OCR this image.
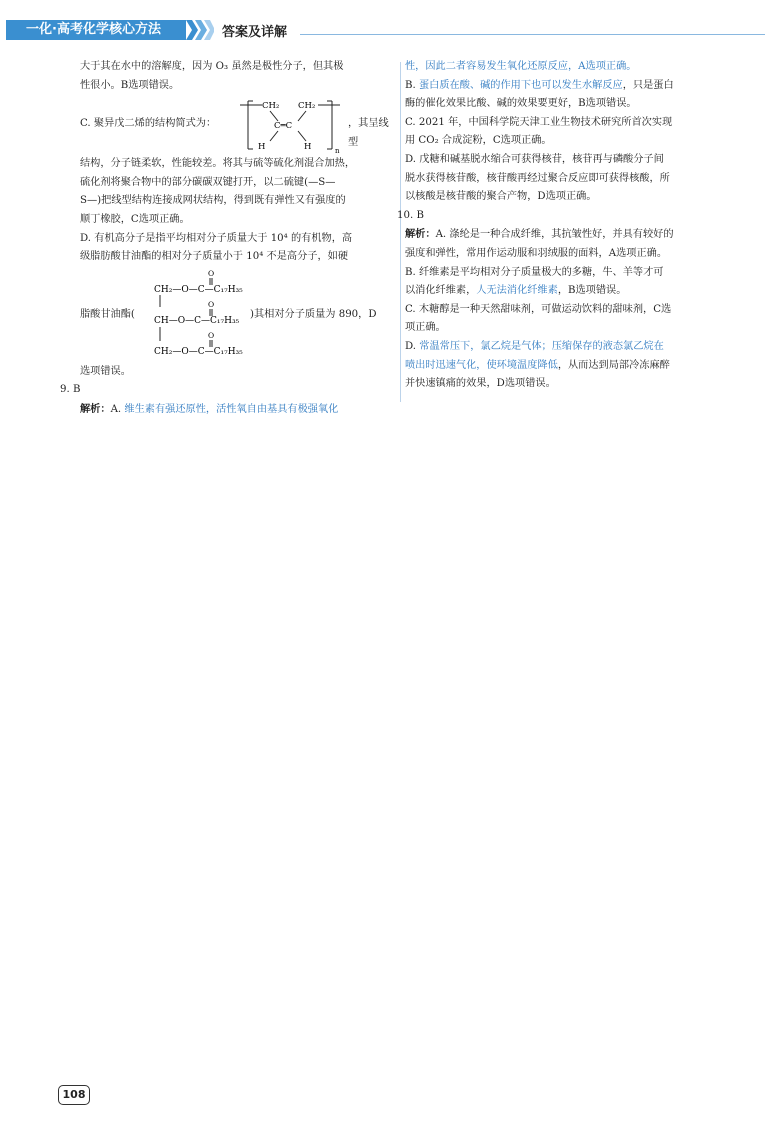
一化·高考化学核心方法	答案及详解

大于其在水中的溶解度，因为 O₃ 虽然是极性分子，但其极

性很小。B选项错误。

C. 聚异戊二烯的结构简式为：

CH₂ CH₂
C═C
H	H	n

，其呈线型

结构，分子链柔软，性能较差。将其与硫等硫化剂混合加热，

硫化剂将聚合物中的部分碳碳双键打开，以二硫键(—S—

S—)把线型结构连接成网状结构，得到既有弹性又有强度的

顺丁橡胶，C选项正确。

D. 有机高分子是指平均相对分子质量大于 10⁴ 的有机物，高

级脂肪酸甘油酯的相对分子质量小于 10⁴ 不是高分子，如硬

脂酸甘油酯(

O
CH₂—O—C—C₁₇H₃₅
O
CH—O—C—C₁₇H₃₅
O
CH₂—O—C—C₁₇H₃₅

)其相对分子质量为 890，D

选项错误。

9. B

解析：A. 维生素有强还原性，活性氧自由基具有极强氧化

性，因此二者容易发生氧化还原反应，A选项正确。

B. 蛋白质在酸、碱的作用下也可以发生水解反应，只是蛋白

酶的催化效果比酸、碱的效果要更好，B选项错误。

C. 2021 年，中国科学院天津工业生物技术研究所首次实现

用 CO₂ 合成淀粉，C选项正确。

D. 戊糖和碱基脱水缩合可获得核苷，核苷再与磷酸分子间

脱水获得核苷酸，核苷酸再经过聚合反应即可获得核酸，所

以核酸是核苷酸的聚合产物，D选项正确。

10. B

解析：A. 涤纶是一种合成纤维，其抗皱性好，并具有较好的

强度和弹性，常用作运动服和羽绒服的面料，A选项正确。

B. 纤维素是平均相对分子质量极大的多糖，牛、羊等才可

以消化纤维素，人无法消化纤维素，B选项错误。

C. 木糖醇是一种天然甜味剂，可做运动饮料的甜味剂，C选

项正确。

D. 常温常压下，氯乙烷是气体；压缩保存的液态氯乙烷在

喷出时迅速气化，使环境温度降低，从而达到局部冷冻麻醉

并快速镇痛的效果，D选项错误。

108
